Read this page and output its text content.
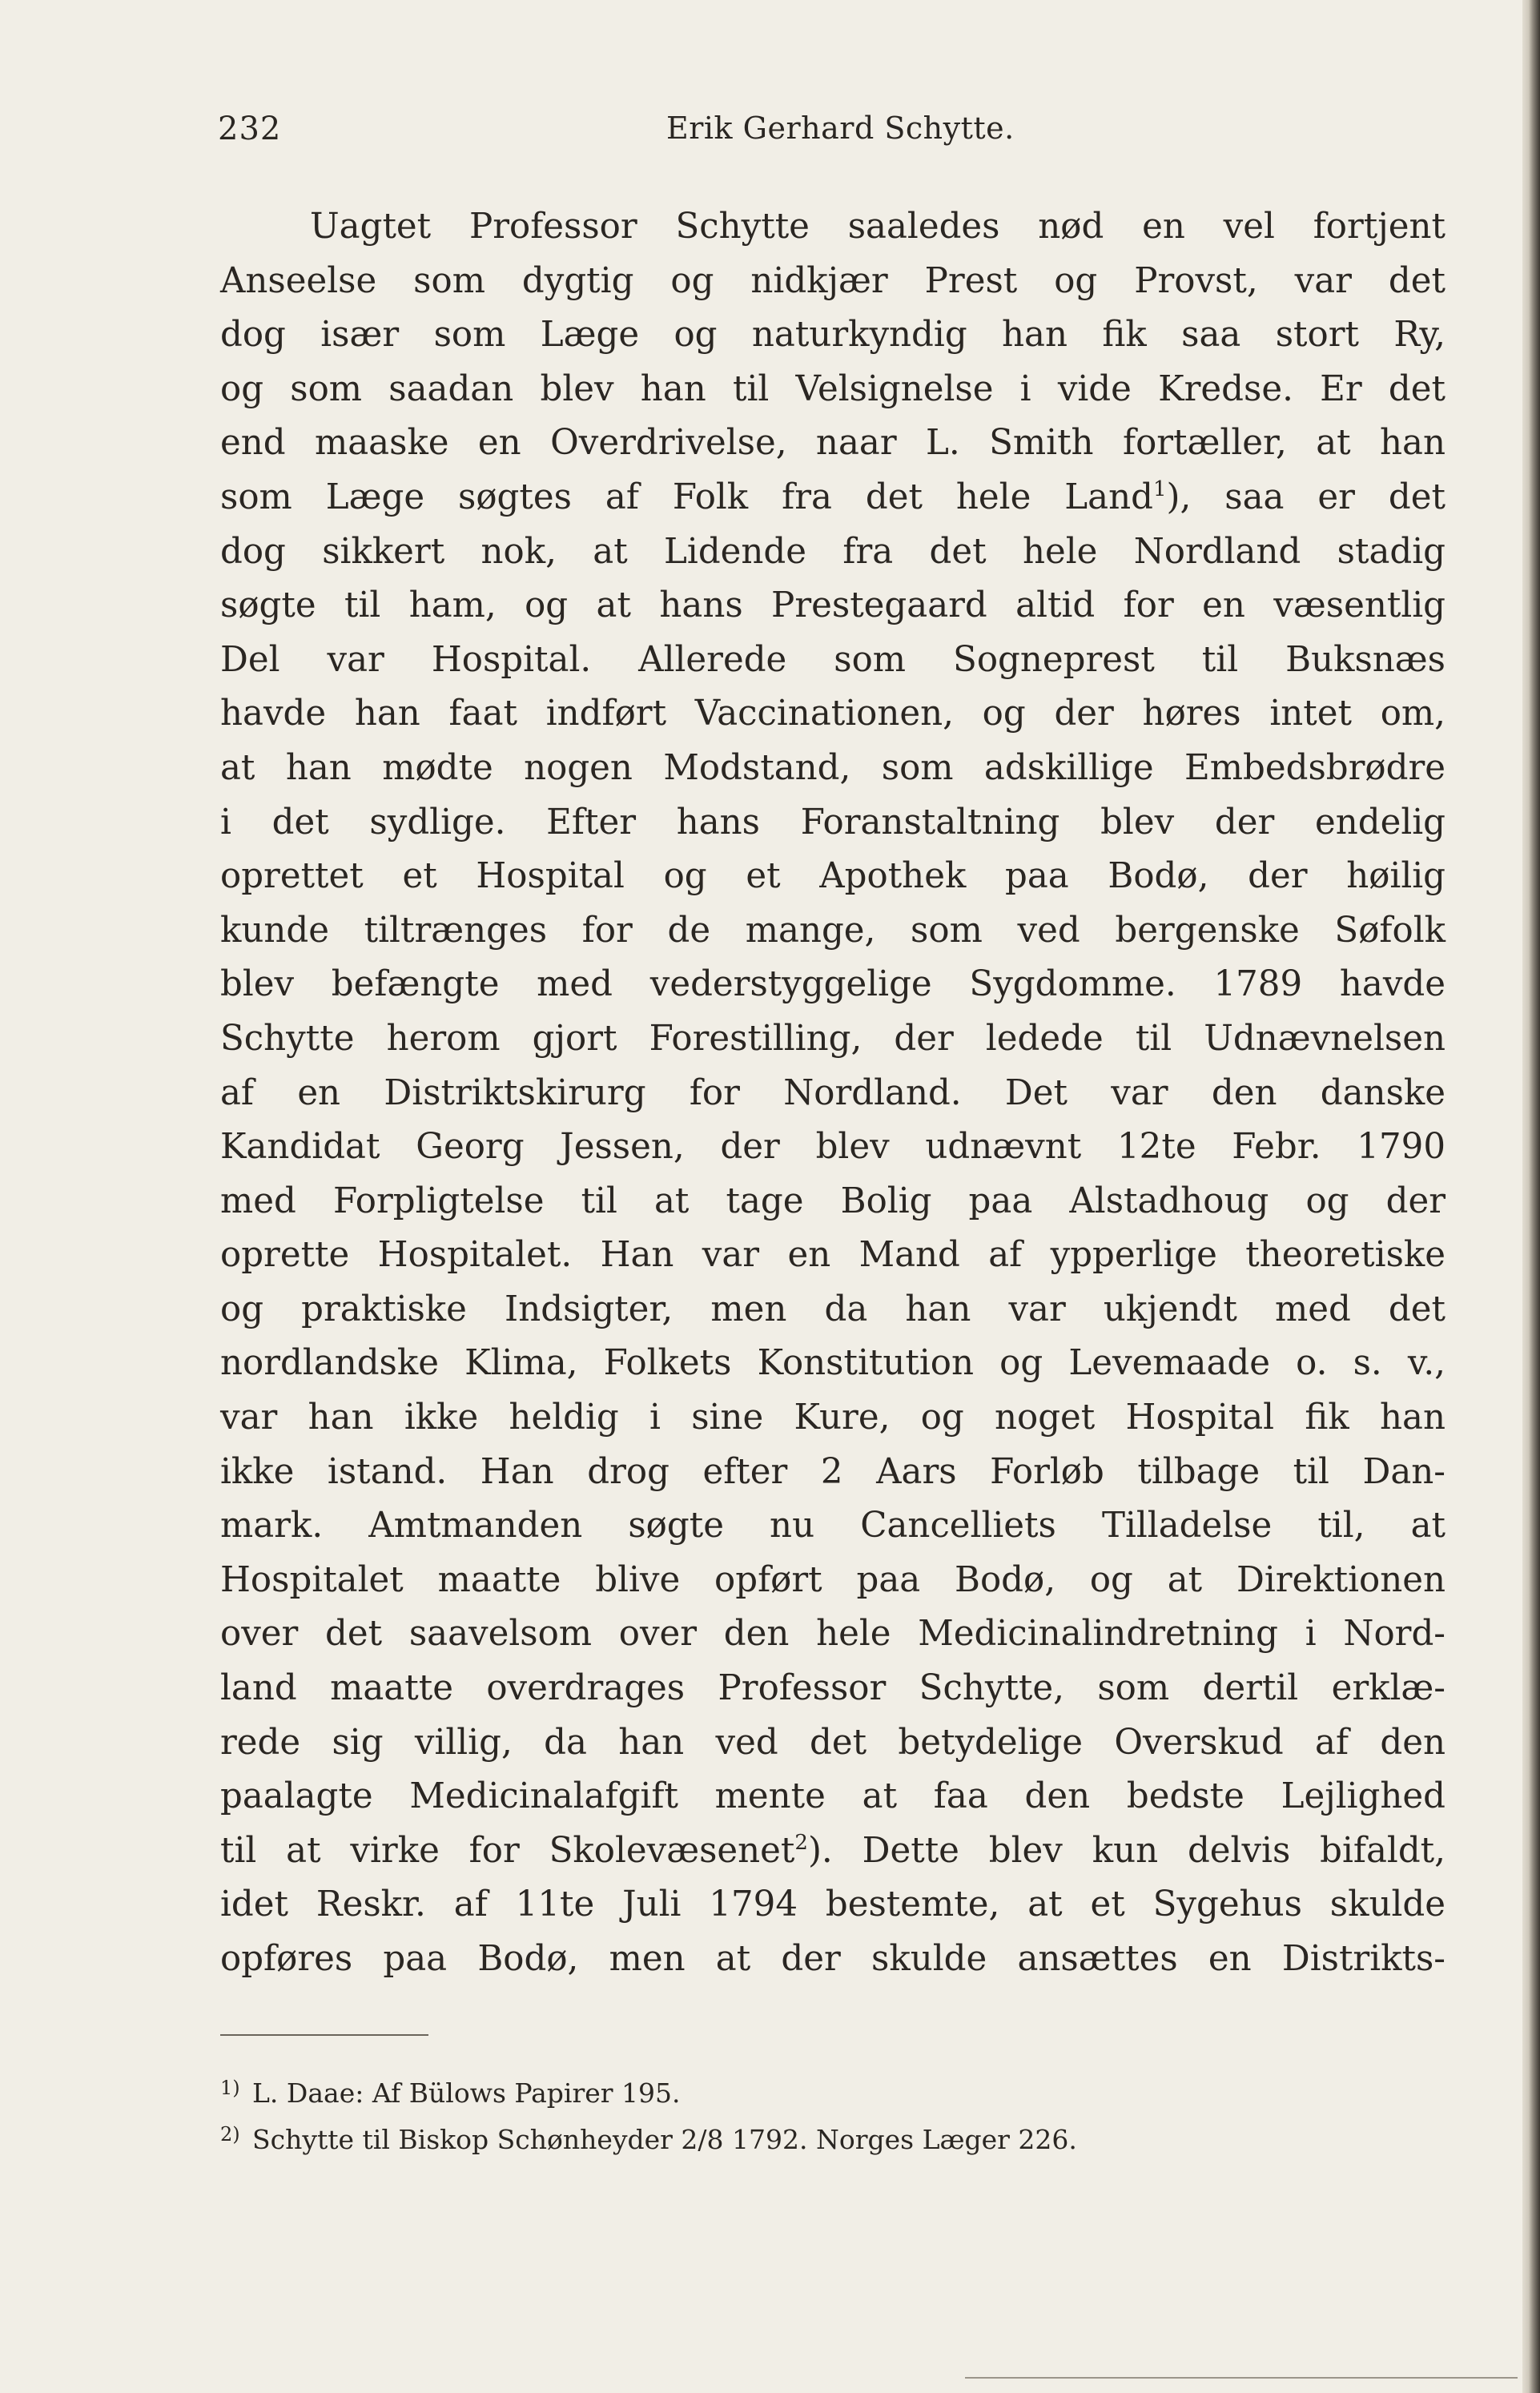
232	Erik Gerhard Schytte.
Uagtet Professor Schytte saaledes nød en vel fortjent
Anseelse som dygtig og nidkjær Prest og Provst, var det
dog især som Læge og naturkyndig han fik saa stort Ry,
og som saadan blev han til Velsignelse i vide Kredse. Er det
end maaske en Overdrivelse, naar L. Smith fortæller, at han
som Læge søgtes af Folk fra det hele Land$^1$), saa er det
dog sikkert nok, at Lidende fra det hele Nordland stadig
søgte til ham, og at hans Prestegaard altid for en væsentlig
Del var Hospital. Allerede som Sogneprest til Buksnæs
havde han faat indført Vaccinationen, og der høres intet om,
at han mødte nogen Modstand, som adskillige Embedsbrødre
i det sydlige. Efter hans Foranstaltning blev der endelig
oprettet et Hospital og et Apothek paa Bodø, der høilig
kunde tiltrænges for de mange, som ved bergenske Søfolk
blev befængte med vederstyggelige Sygdomme. 1789 havde
Schytte herom gjort Forestilling, der ledede til Udnævnelsen
af en Distriktskirurg for Nordland. Det var den danske
Kandidat Georg Jessen, der blev udnævnt 12te Febr. 1790
med Forpligtelse til at tage Bolig paa Alstadhoug og der
oprette Hospitalet. Han var en Mand af ypperlige theoretiske
og praktiske Indsigter, men da han var ukjendt med det
nordlandske Klima, Folkets Konstitution og Levemaade o. s. v.,
var han ikke heldig i sine Kure, og noget Hospital fik han
ikke istand. Han drog efter 2 Aars Forløb tilbage til Dan-
mark. Amtmanden søgte nu Cancelliets Tilladelse til, at
Hospitalet maatte blive opført paa Bodø, og at Direktionen
over det saavelsom over den hele Medicinalindretning i Nord-
land maatte overdrages Professor Schytte, som dertil erklæ-
rede sig villig, da han ved det betydelige Overskud af den
paalagte Medicinalafgift mente at faa den bedste Lejlighed
til at virke for Skolevæsenet$^2$). Dette blev kun delvis bifaldt,
idet Reskr. af 11te Juli 1794 bestemte, at et Sygehus skulde
opføres paa Bodø, men at der skulde ansættes en Distrikts-
1) L. Daae: Af Bülows Papirer 195.
2) Schytte til Biskop Schønheyder 2/8 1792. Norges Læger 226.
